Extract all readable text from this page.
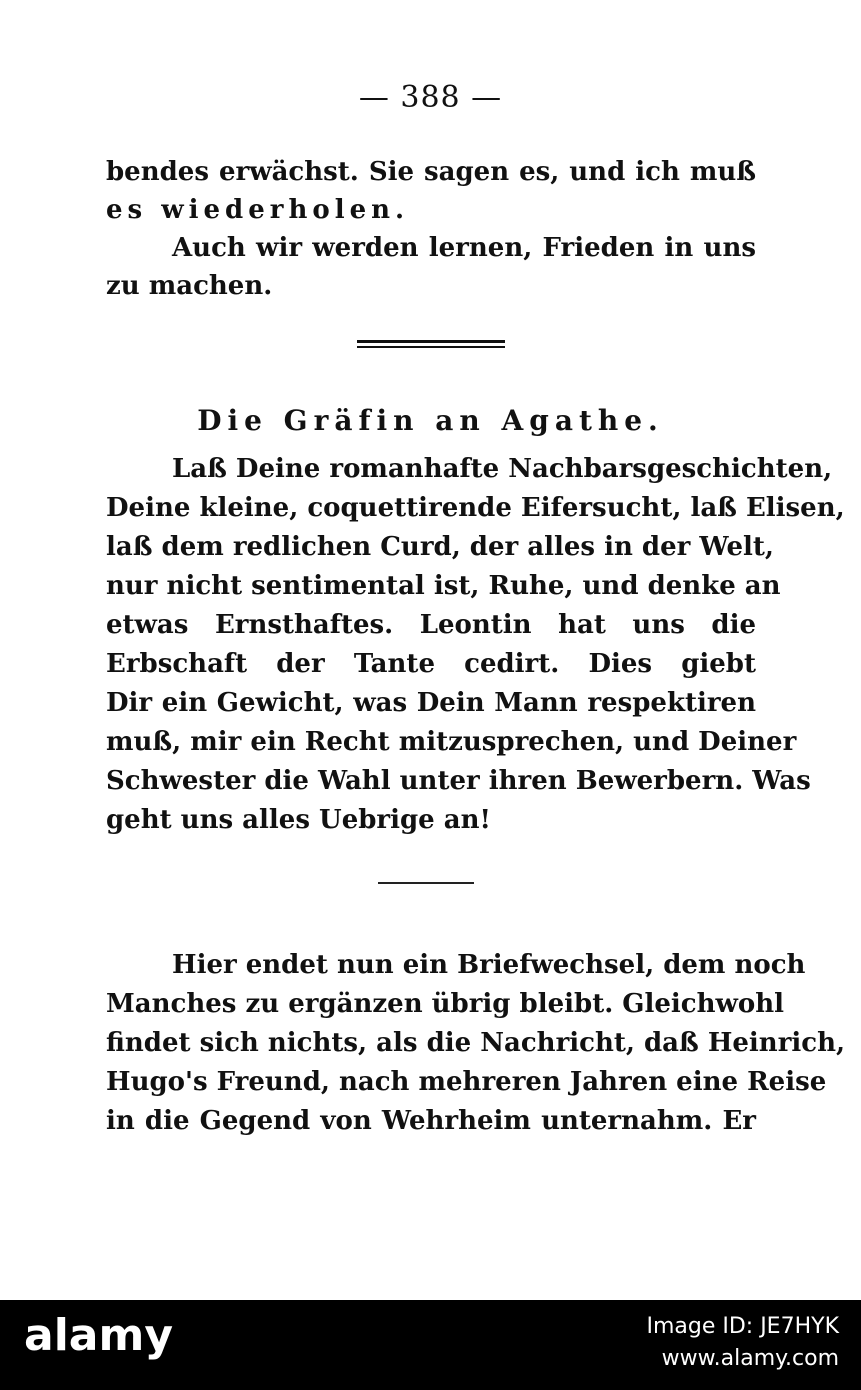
— 388 —
bendes erwächst. Sie sagen es, und ich muß
es wiederholen.
Auch wir werden lernen, Frieden in uns
zu machen.
Die Gräfin an Agathe.
Laß Deine romanhafte Nachbarsgeschichten,
Deine kleine, coquettirende Eifersucht, laß Elisen,
laß dem redlichen Curd, der alles in der Welt,
nur nicht sentimental ist, Ruhe, und denke an
etwas Ernsthaftes. Leontin hat uns die
Erbschaft der Tante cedirt. Dies giebt
Dir ein Gewicht, was Dein Mann respektiren
muß, mir ein Recht mitzusprechen, und Deiner
Schwester die Wahl unter ihren Bewerbern. Was
geht uns alles Uebrige an!
Hier endet nun ein Briefwechsel, dem noch
Manches zu ergänzen übrig bleibt. Gleichwohl
findet sich nichts, als die Nachricht, daß Heinrich,
Hugo's Freund, nach mehreren Jahren eine Reise
in die Gegend von Wehrheim unternahm. Er
alamy	Image ID: JE7HYK
www.alamy.com
